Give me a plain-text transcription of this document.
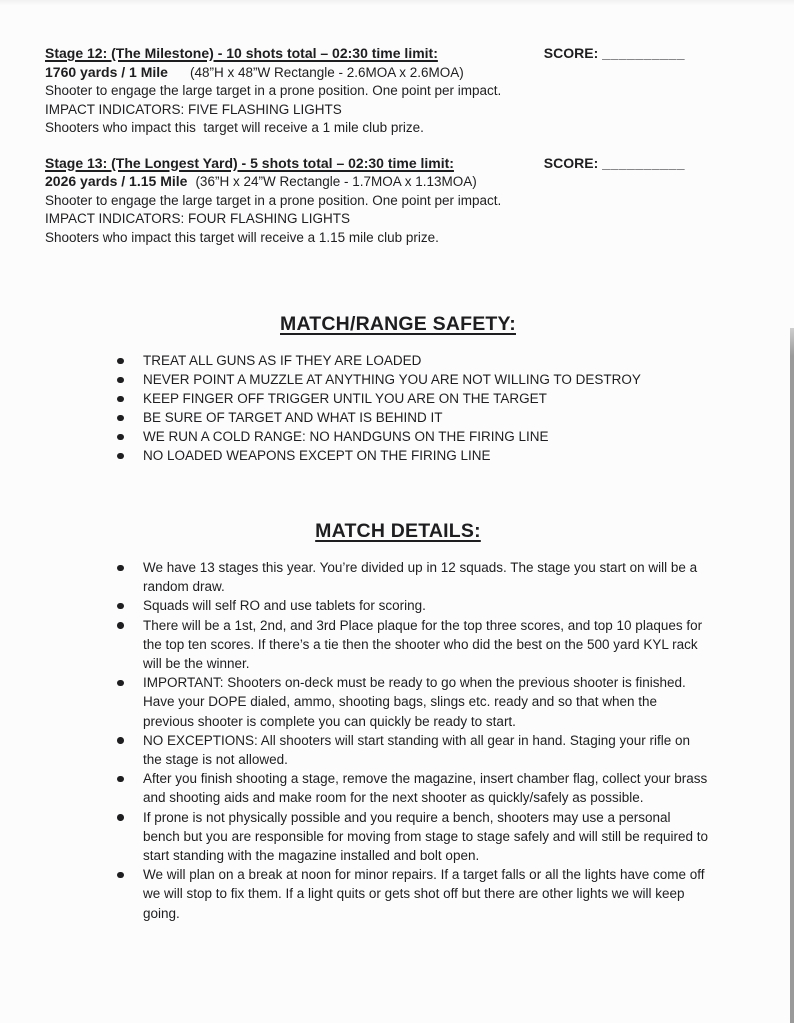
Stage 12: (The Milestone) - 10 shots total – 02:30 time limit:	SCORE: __________
1760 yards / 1 Mile (48”H x 48”W Rectangle - 2.6MOA x 2.6MOA)

Shooter to engage the large target in a prone position. One point per impact.

IMPACT INDICATORS: FIVE FLASHING LIGHTS

Shooters who impact this  target will receive a 1 mile club prize.

Stage 13: (The Longest Yard) - 5 shots total – 02:30 time limit:	SCORE: __________
2026 yards / 1.15 Mile (36”H x 24”W Rectangle - 1.7MOA x 1.13MOA)

Shooter to engage the large target in a prone position. One point per impact.

IMPACT INDICATORS: FOUR FLASHING LIGHTS

Shooters who impact this target will receive a 1.15 mile club prize.

MATCH/RANGE SAFETY:
TREAT ALL GUNS AS IF THEY ARE LOADED
NEVER POINT A MUZZLE AT ANYTHING YOU ARE NOT WILLING TO DESTROY
KEEP FINGER OFF TRIGGER UNTIL YOU ARE ON THE TARGET
BE SURE OF TARGET AND WHAT IS BEHIND IT
WE RUN A COLD RANGE: NO HANDGUNS ON THE FIRING LINE
NO LOADED WEAPONS EXCEPT ON THE FIRING LINE
MATCH DETAILS:
We have 13 stages this year. You’re divided up in 12 squads. The stage you start on will be a random draw.
Squads will self RO and use tablets for scoring.
There will be a 1st, 2nd, and 3rd Place plaque for the top three scores, and top 10 plaques for the top ten scores. If there’s a tie then the shooter who did the best on the 500 yard KYL rack will be the winner.
IMPORTANT: Shooters on-deck must be ready to go when the previous shooter is finished. Have your DOPE dialed, ammo, shooting bags, slings etc. ready and so that when the previous shooter is complete you can quickly be ready to start.
NO EXCEPTIONS: All shooters will start standing with all gear in hand. Staging your rifle on the stage is not allowed.
After you finish shooting a stage, remove the magazine, insert chamber flag, collect your brass and shooting aids and make room for the next shooter as quickly/safely as possible.
If prone is not physically possible and you require a bench, shooters may use a personal bench but you are responsible for moving from stage to stage safely and will still be required to start standing with the magazine installed and bolt open.
We will plan on a break at noon for minor repairs. If a target falls or all the lights have come off we will stop to fix them. If a light quits or gets shot off but there are other lights we will keep going.
